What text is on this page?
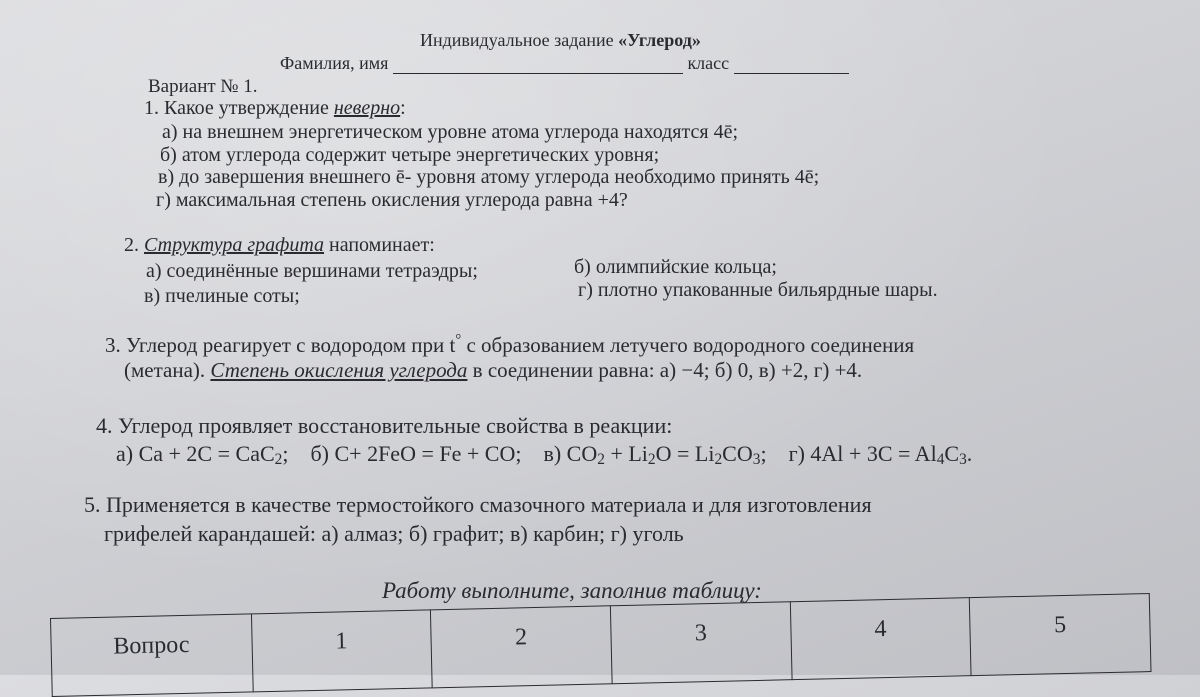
Индивидуальное задание «Углерод»
Фамилия, имя	класс
Вариант № 1.
1. Какое утверждение неверно:
а) на внешнем энергетическом уровне атома углерода находятся 4ē;
б) атом углерода содержит четыре энергетических уровня;
в) до завершения внешнего ē- уровня атому углерода необходимо принять 4ē;
г) максимальная степень окисления углерода равна +4?
2. Структура графита напоминает:
а) соединённые вершинами тетраэдры;	б) олимпийские кольца;
в) пчелиные соты;	г) плотно упакованные бильярдные шары.
3. Углерод реагирует с водородом при t° с образованием летучего водородного соединения
(метана). Степень окисления углерода в соединении равна: а) −4; б) 0, в) +2, г) +4.
4. Углерод проявляет восстановительные свойства в реакции:
а) Ca + 2C = CaC$_2$; б) C+ 2FeO = Fe + CO; в) $CO_2 + Li_2O = Li_2CO_3$; г) $4Al + 3C = Al_4C_3$.
5. Применяется в качестве термостойкого смазочного материала и для изготовления
грифелей карандашей: а) алмаз; б) графит; в) карбин; г) уголь
Работу выполните, заполнив таблицу:
Вопрос	1	2	3	4	5
